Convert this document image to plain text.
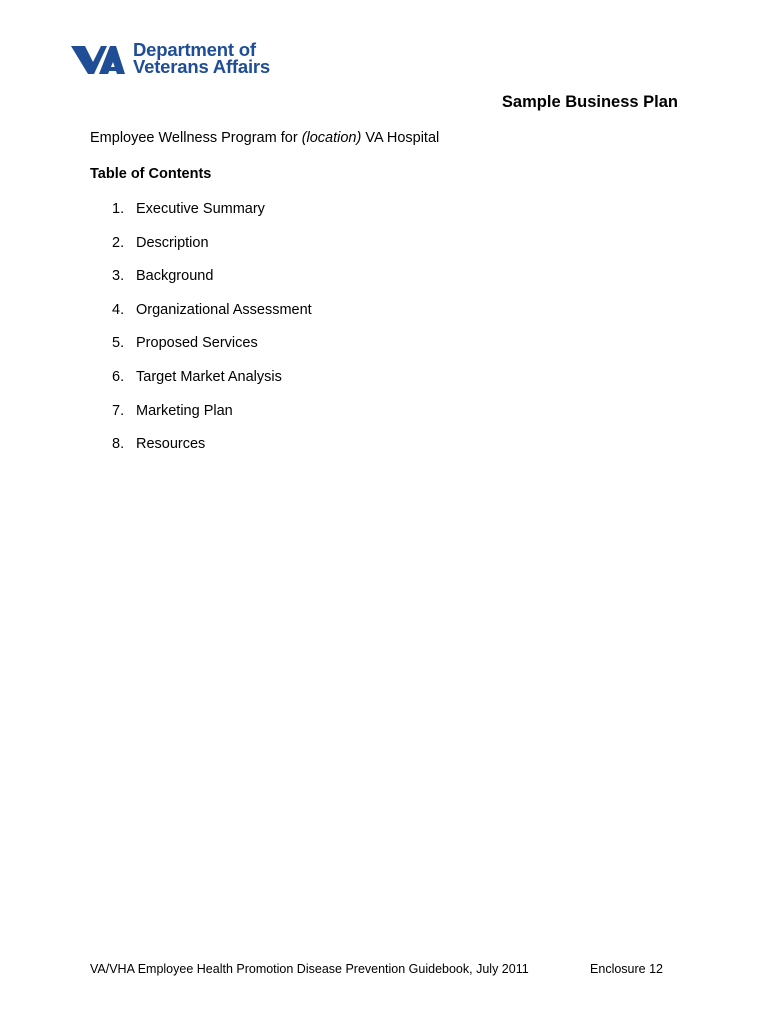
Department of
Veterans Affairs
Sample Business Plan
Employee Wellness Program for (location) VA Hospital
Table of Contents
1. Executive Summary
2. Description
3. Background
4. Organizational Assessment
5. Proposed Services
6. Target Market Analysis
7. Marketing Plan
8. Resources
VA/VHA Employee Health Promotion Disease Prevention Guidebook, July 2011	Enclosure 12
